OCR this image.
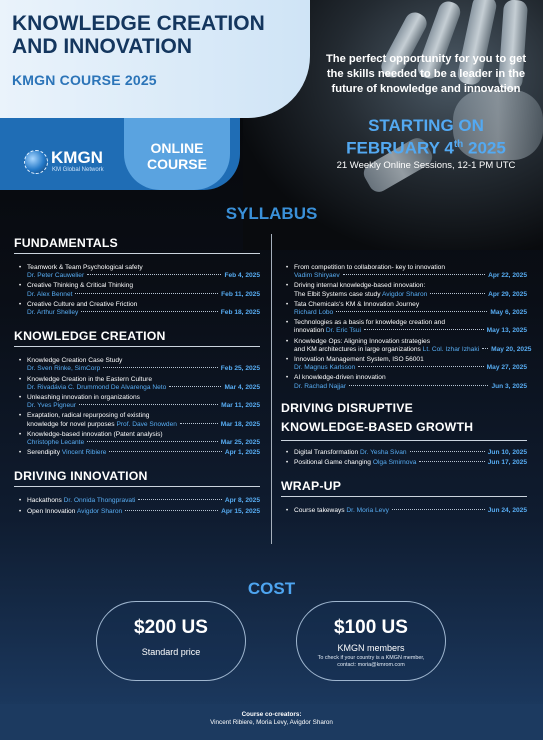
KNOWLEDGE CREATION AND INNOVATION
KMGN COURSE 2025
ONLINE
COURSE
KMGN
KM Global Network
The perfect opportunity for you to get the skills needed to be a leader in the future of knowledge and innovation
STARTING ON
FEBRUARY 4th 2025
21 Weekly Online Sessions, 12-1 PM UTC
SYLLABUS
FUNDAMENTALS
• Teamwork & Team Psychological safety
Dr. Peter Cauwelier	Feb 4, 2025
• Creative Thinking & Critical Thinking
Dr. Alex Bennet	Feb 11, 2025
• Creative Culture and Creative Friction
Dr. Arthur Shelley	Feb 18, 2025
KNOWLEDGE CREATION
• Knowledge Creation Case Study
Dr. Sven Rinke, SimCorp	Feb 25, 2025
• Knowledge Creation in the Eastern Culture
Dr. Rivadávia C. Drummond De Alvarenga Neto	Mar 4, 2025
• Unleashing innovation in organizations
Dr. Yves Pigneur	Mar 11, 2025
• Exaptation, radical repurposing of existing
knowledge for novel purposes Prof. Dave Snowden	Mar 18, 2025
• Knowledge-based innovation (Patent analysis)
Christophe Lecante	Mar 25, 2025
• Serendipity Vincent Ribiere	Apr 1, 2025
DRIVING INNOVATION
• Hackathons Dr. Onnida Thongpravati	Apr 8, 2025
• Open Innovation Avigdor Sharon	Apr 15, 2025
• From competition to collaboration- key to innovation
Vadim Shiryaev	Apr 22, 2025
• Driving internal knowledge-based innovation:
The Elbit Systems case study Avigdor Sharon	Apr 29, 2025
• Tata Chemicals's KM & Innovation Journey
Richard Lobo	May 6, 2025
• Technologies as a basis for knowledge creation and
innovation Dr. Eric Tsui	May 13, 2025
• Knowledge Ops: Aligning Innovation strategies
and KM architectures in large organizations Lt. Col. Izhar Izhaki May 20, 2025
• Innovation Management System, ISO 56001
Dr. Magnus Karlsson	May 27, 2025
• AI knowledge-driven innovation
Dr. Rachad Najjar	Jun 3, 2025
DRIVING DISRUPTIVE
KNOWLEDGE-BASED GROWTH
• Digital Transformation Dr. Yesha Sivan	Jun 10, 2025
• Positional Game changing Olga Smirnova	Jun 17, 2025
WRAP-UP
• Course takeways Dr. Moria Levy	Jun 24, 2025
COST
$200 US
Standard price
$100 US
KMGN members
To check if your country is a KMGN member,
contact: moria@kmrom.com
Course co-creators:
Vincent Ribiere, Moria Levy, Avigdor Sharon
